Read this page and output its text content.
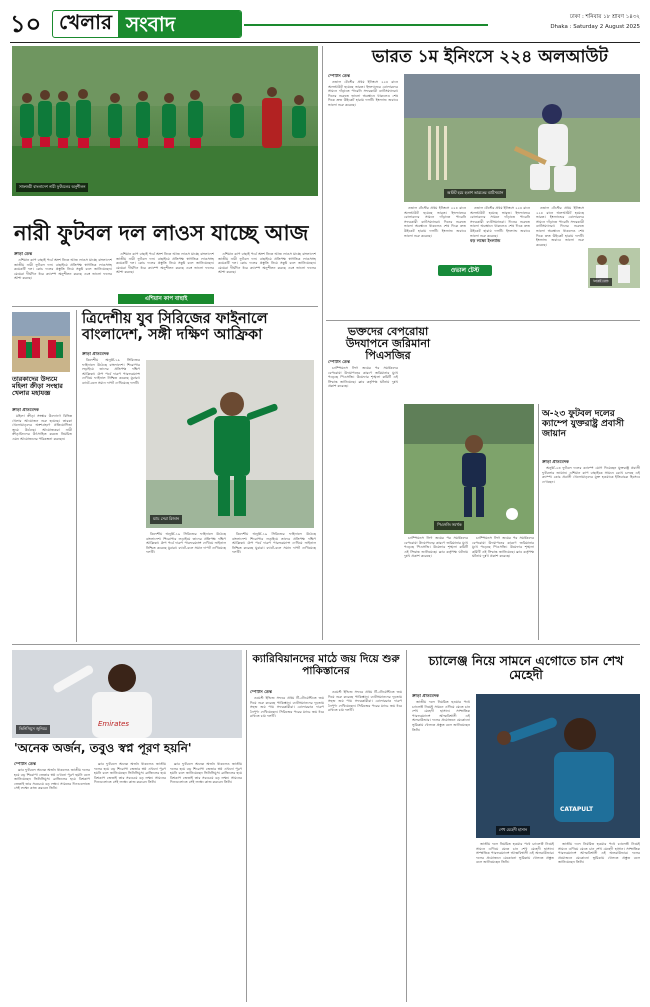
১০ খেলার সংবাদ	ঢাকা : শনিবার ১৮ শ্রাবণ ১৪৩২
Dhaka : Saturday 2 August 2025
সাফজয়ী বাংলাদেশ নারী ফুটবলের অনুশীলন
নারী ফুটবল দল লাওস যাচ্ছে আজ
ক্রীড়া ডেস্ক

এশিয়ান কাপ বাছাই পর্বে অংশ নিতে আজ লাওস যাচ্ছে বাংলাদেশ জাতীয় নারী ফুটবল দল। বাছাইয়ে প্রতিপক্ষ স্বাগতিক লাওসসহ কয়েকটি দল। কোচ দলের প্রস্তুতি নিয়ে সন্তুষ্ট বলে জানিয়েছেন। মেয়েরা দীর্ঘদিন ধরে ক্যাম্পে অনুশীলন করছে এবং ভালো ফলের আশা করছে।

এশিয়ান কাপ বাছাই পর্বে অংশ নিতে আজ লাওস যাচ্ছে বাংলাদেশ জাতীয় নারী ফুটবল দল। বাছাইয়ে প্রতিপক্ষ স্বাগতিক লাওসসহ কয়েকটি দল। কোচ দলের প্রস্তুতি নিয়ে সন্তুষ্ট বলে জানিয়েছেন। মেয়েরা দীর্ঘদিন ধরে ক্যাম্পে অনুশীলন করছে এবং ভালো ফলের আশা করছে।

এশিয়ান কাপ বাছাই

এশিয়ান কাপ বাছাই পর্বে অংশ নিতে আজ লাওস যাচ্ছে বাংলাদেশ জাতীয় নারী ফুটবল দল। বাছাইয়ে প্রতিপক্ষ স্বাগতিক লাওসসহ কয়েকটি দল। কোচ দলের প্রস্তুতি নিয়ে সন্তুষ্ট বলে জানিয়েছেন। মেয়েরা দীর্ঘদিন ধরে ক্যাম্পে অনুশীলন করছে এবং ভালো ফলের আশা করছে।

তারকাদের উদ্যমে মহিলা ক্রীড়া সংস্থার খেলার মহাযজ্ঞ
ক্রীড়া প্রতিবেদক

মহিলা ক্রীড়া সংস্থার উদ্যোগে বিভিন্ন খেলার আয়োজন শুরু হয়েছে। তারকা খেলোয়াড়দের অংশগ্রহণে প্রতিযোগিতা জমে উঠেছে। আয়োজকরা নারী ক্রীড়াবিদদের উৎসাহিত করতে নিয়মিত এমন আয়োজনের পরিকল্পনা করছেন।

ত্রিদেশীয় যুব সিরিজের ফাইনালে বাংলাদেশ, সঙ্গী দক্ষিণ আফ্রিকা
ক্রীড়া প্রতিবেদক

ত্রিদেশীয় অনূর্ধ্ব-১৯ সিরিজের ফাইনালে উঠেছে বাংলাদেশ। শিরোপার লড়াইয়ে তাদের প্রতিপক্ষ দক্ষিণ আফ্রিকা। গ্রুপ পর্বে দারুণ পারফরম্যান্স দেখিয়ে ফাইনাল নিশ্চিত করেছে যুবারা। ব্যাটে-বলে সমান দাপট দেখিয়েছে দলটি।

ম্যাচ সেরা রিজান

ত্রিদেশীয় অনূর্ধ্ব-১৯ সিরিজের ফাইনালে উঠেছে বাংলাদেশ। শিরোপার লড়াইয়ে তাদের প্রতিপক্ষ দক্ষিণ আফ্রিকা। গ্রুপ পর্বে দারুণ পারফরম্যান্স দেখিয়ে ফাইনাল নিশ্চিত করেছে যুবারা। ব্যাটে-বলে সমান দাপট দেখিয়েছে দলটি।

ত্রিদেশীয় অনূর্ধ্ব-১৯ সিরিজের ফাইনালে উঠেছে বাংলাদেশ। শিরোপার লড়াইয়ে তাদের প্রতিপক্ষ দক্ষিণ আফ্রিকা। গ্রুপ পর্বে দারুণ পারফরম্যান্স দেখিয়ে ফাইনাল নিশ্চিত করেছে যুবারা। ব্যাটে-বলে সমান দাপট দেখিয়েছে দলটি।

ভারত ১ম ইনিংসে ২২৪ অলআউট
স্পোর্টস ডেস্ক

ওভাল টেস্টের প্রথম ইনিংসে ২২৪ রানে অলআউট হয়েছে ভারত। ইংল্যান্ডের বোলারদের সামনে দাঁড়াতে পারেনি সফরকারী ব্যাটসম্যানরা। দিনের শুরুতে ভালো অবস্থানে থাকলেও শেষ দিকে দ্রুত উইকেট হারায় দলটি। ইংল্যান্ড জবাবে ভালো শুরু করেছে।

আউট হয়ে হতাশ ভারতের ব্যাটসম্যান
ওভাল টেস্ট

ওভাল টেস্টের প্রথম ইনিংসে ২২৪ রানে অলআউট হয়েছে ভারত। ইংল্যান্ডের বোলারদের সামনে দাঁড়াতে পারেনি সফরকারী ব্যাটসম্যানরা। দিনের শুরুতে ভালো অবস্থানে থাকলেও শেষ দিকে দ্রুত উইকেট হারায় দলটি। ইংল্যান্ড জবাবে ভালো শুরু করেছে।

ওভাল টেস্টের প্রথম ইনিংসে ২২৪ রানে অলআউট হয়েছে ভারত। ইংল্যান্ডের বোলারদের সামনে দাঁড়াতে পারেনি সফরকারী ব্যাটসম্যানরা। দিনের শুরুতে ভালো অবস্থানে থাকলেও শেষ দিকে দ্রুত উইকেট হারায় দলটি। ইংল্যান্ড জবাবে ভালো শুরু করেছে।

বড় লক্ষ্যে ইংল্যান্ড

ওভাল টেস্টের প্রথম ইনিংসে ২২৪ রানে অলআউট হয়েছে ভারত। ইংল্যান্ডের বোলারদের সামনে দাঁড়াতে পারেনি সফরকারী ব্যাটসম্যানরা। দিনের শুরুতে ভালো অবস্থানে থাকলেও শেষ দিকে দ্রুত উইকেট হারায় দলটি। ইংল্যান্ড জবাবে ভালো শুরু করেছে।

ক্রিকেট খেলা
ভক্তদের বেপরোয়া উদযাপনে জরিমানা পিএসজির
স্পোর্টস ডেস্ক

চ্যাম্পিয়নস লিগ জয়ের পর সমর্থকদের বেপরোয়া উদযাপনের কারণে জরিমানার মুখে পড়েছে পিএসজি। উয়েফার শৃঙ্খলা কমিটি এই সিদ্ধান্ত জানিয়েছে। ক্লাব কর্তৃপক্ষ ঘটনায় দুঃখ প্রকাশ করেছে।

পিএসজি সমর্থক

চ্যাম্পিয়নস লিগ জয়ের পর সমর্থকদের বেপরোয়া উদযাপনের কারণে জরিমানার মুখে পড়েছে পিএসজি। উয়েফার শৃঙ্খলা কমিটি এই সিদ্ধান্ত জানিয়েছে। ক্লাব কর্তৃপক্ষ ঘটনায় দুঃখ প্রকাশ করেছে।

চ্যাম্পিয়নস লিগ জয়ের পর সমর্থকদের বেপরোয়া উদযাপনের কারণে জরিমানার মুখে পড়েছে পিএসজি। উয়েফার শৃঙ্খলা কমিটি এই সিদ্ধান্ত জানিয়েছে। ক্লাব কর্তৃপক্ষ ঘটনায় দুঃখ প্রকাশ করেছে।

অ-২৩ ফুটবল দলের ক্যাম্পে যুক্তরাষ্ট্র প্রবাসী জায়ান
ক্রীড়া প্রতিবেদক

অনূর্ধ্ব-২৩ ফুটবল দলের ক্যাম্পে যোগ দিয়েছেন যুক্তরাষ্ট্র প্রবাসী ফুটবলার জায়ান। এশিয়ান কাপ বাছাইকে সামনে রেখে চলছে এই ক্যাম্প। কোচ প্রবাসী খেলোয়াড়দের যুক্ত হওয়াকে ইতিবাচক হিসেবে দেখছেন।

Emirates
ভিনিসিয়ুস জুনিয়র
'অনেক অর্জন, তবুও স্বপ্ন পূরণ হয়নি'
স্পোর্টস ডেস্ক

ক্লাব ফুটবলে অনেক অর্জন থাকলেও জাতীয় দলের হয়ে বড় শিরোপা জেতার স্বপ্ন এখনো পূরণ হয়নি বলে জানিয়েছেন ভিনিসিয়ুস। ব্রাজিলের হয়ে বিশ্বকাপ জেতাই তার সবচেয়ে বড় লক্ষ্য। সামনের দিনগুলোতে সেই লক্ষ্যে কাজ করবেন তিনি।

ক্লাব ফুটবলে অনেক অর্জন থাকলেও জাতীয় দলের হয়ে বড় শিরোপা জেতার স্বপ্ন এখনো পূরণ হয়নি বলে জানিয়েছেন ভিনিসিয়ুস। ব্রাজিলের হয়ে বিশ্বকাপ জেতাই তার সবচেয়ে বড় লক্ষ্য। সামনের দিনগুলোতে সেই লক্ষ্যে কাজ করবেন তিনি।

ক্লাব ফুটবলে অনেক অর্জন থাকলেও জাতীয় দলের হয়ে বড় শিরোপা জেতার স্বপ্ন এখনো পূরণ হয়নি বলে জানিয়েছেন ভিনিসিয়ুস। ব্রাজিলের হয়ে বিশ্বকাপ জেতাই তার সবচেয়ে বড় লক্ষ্য। সামনের দিনগুলোতে সেই লক্ষ্যে কাজ করবেন তিনি।

ক্যারিবিয়ানদের মাঠে জয় দিয়ে শুরু পাকিস্তানের
স্পোর্টস ডেস্ক

ওয়েস্ট ইন্ডিজ সফরে প্রথম টি-টোয়েন্টিতে জয় দিয়ে শুরু করেছে পাকিস্তান। ব্যাটসম্যানদের দৃঢ়তায় সহজ জয় পায় সফরকারীরা। বোলাররাও দারুণ নৈপুণ্য দেখিয়েছেন। সিরিজের পরের ম্যাচে জয় ধরে রাখতে চায় দলটি।

ওয়েস্ট ইন্ডিজ সফরে প্রথম টি-টোয়েন্টিতে জয় দিয়ে শুরু করেছে পাকিস্তান। ব্যাটসম্যানদের দৃঢ়তায় সহজ জয় পায় সফরকারীরা। বোলাররাও দারুণ নৈপুণ্য দেখিয়েছেন। সিরিজের পরের ম্যাচে জয় ধরে রাখতে চায় দলটি।

চ্যালেঞ্জ নিয়ে সামনে এগোতে চান শেখ মেহেদী
ক্রীড়া প্রতিবেদক

জাতীয় দলে নিয়মিত হওয়ার পথে চ্যালেঞ্জ নিয়েই সামনে এগিয়ে যেতে চান শেখ মেহেদী হাসান। সাম্প্রতিক পারফরম্যান্সে আত্মবিশ্বাসী এই অলরাউন্ডার। দলের প্রয়োজনে যেকোনো ভূমিকায় খেলতে প্রস্তুত বলে জানিয়েছেন তিনি।

CATAPULT
শেখ মেহেদী হাসান

জাতীয় দলে নিয়মিত হওয়ার পথে চ্যালেঞ্জ নিয়েই সামনে এগিয়ে যেতে চান শেখ মেহেদী হাসান। সাম্প্রতিক পারফরম্যান্সে আত্মবিশ্বাসী এই অলরাউন্ডার। দলের প্রয়োজনে যেকোনো ভূমিকায় খেলতে প্রস্তুত বলে জানিয়েছেন তিনি।

জাতীয় দলে নিয়মিত হওয়ার পথে চ্যালেঞ্জ নিয়েই সামনে এগিয়ে যেতে চান শেখ মেহেদী হাসান। সাম্প্রতিক পারফরম্যান্সে আত্মবিশ্বাসী এই অলরাউন্ডার। দলের প্রয়োজনে যেকোনো ভূমিকায় খেলতে প্রস্তুত বলে জানিয়েছেন তিনি।
